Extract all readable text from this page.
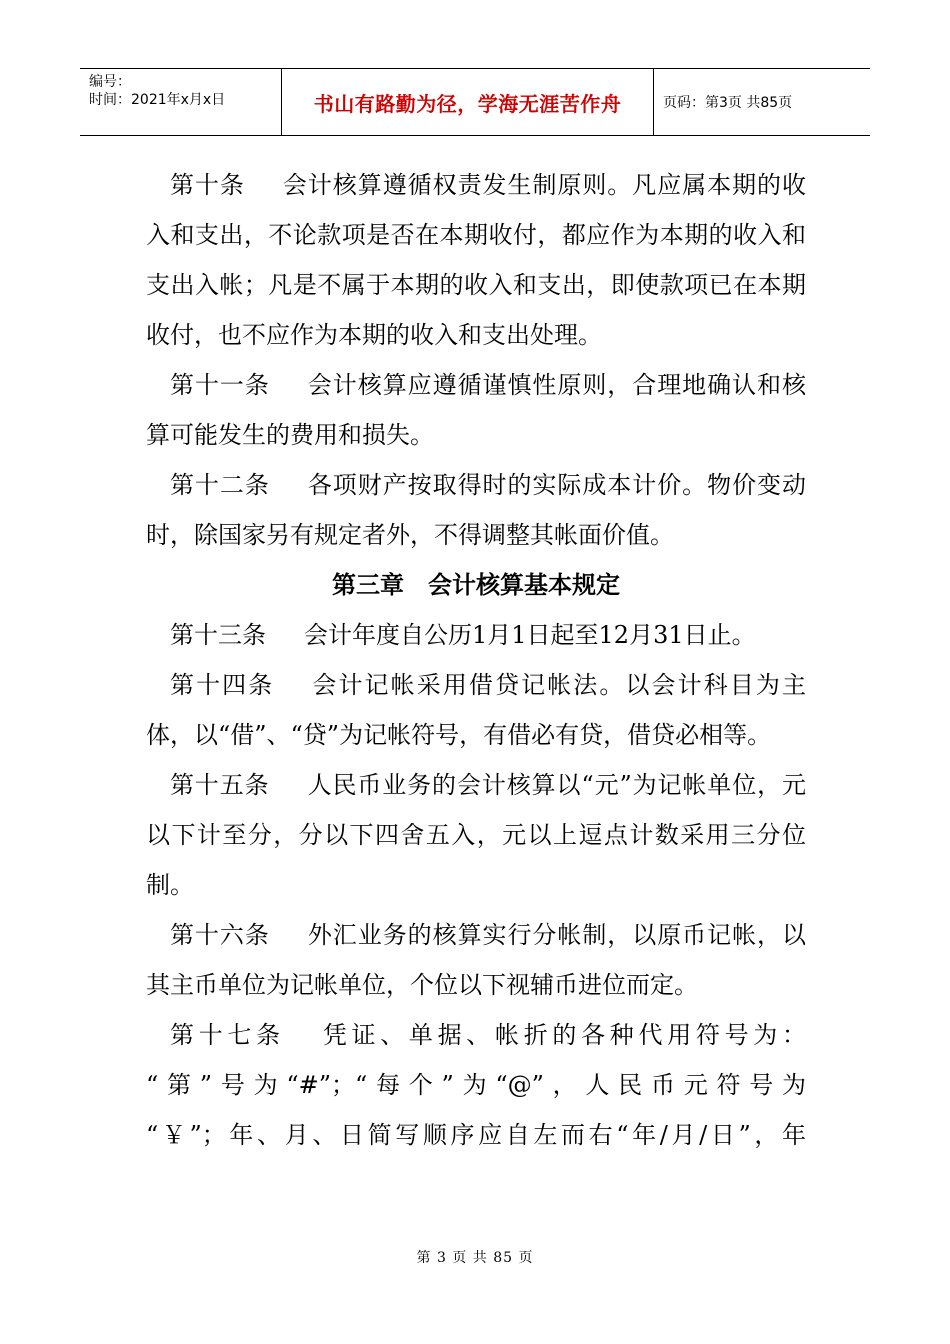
编号：
时间：2021年x月x日	书山有路勤为径，学海无涯苦作舟	页码：第3页 共85页

第十条 会计核算遵循权责发生制原则。凡应属本期的收入和支出，不论款项是否在本期收付，都应作为本期的收入和支出入帐；凡是不属于本期的收入和支出，即使款项已在本期收付，也不应作为本期的收入和支出处理。

第十一条 会计核算应遵循谨慎性原则，合理地确认和核算可能发生的费用和损失。

第十二条 各项财产按取得时的实际成本计价。物价变动时，除国家另有规定者外，不得调整其帐面价值。

第三章　会计核算基本规定

第十三条 会计年度自公历1月1日起至12月31日止。

第十四条 会计记帐采用借贷记帐法。以会计科目为主体，以“借”、“贷”为记帐符号，有借必有贷，借贷必相等。

第十五条 人民币业务的会计核算以“元”为记帐单位，元以下计至分，分以下四舍五入，元以上逗点计数采用三分位制。

第十六条 外汇业务的核算实行分帐制，以原币记帐，以其主币单位为记帐单位，个位以下视辅币进位而定。

第十七条 凭证、单据、帐折的各种代用符号为：

“第”号为“#”；“每个”为“@”，人民币元符号为

“￥”；年、月、日简写顺序应自左而右“年/月/日”，年

第 3 页 共 85 页
